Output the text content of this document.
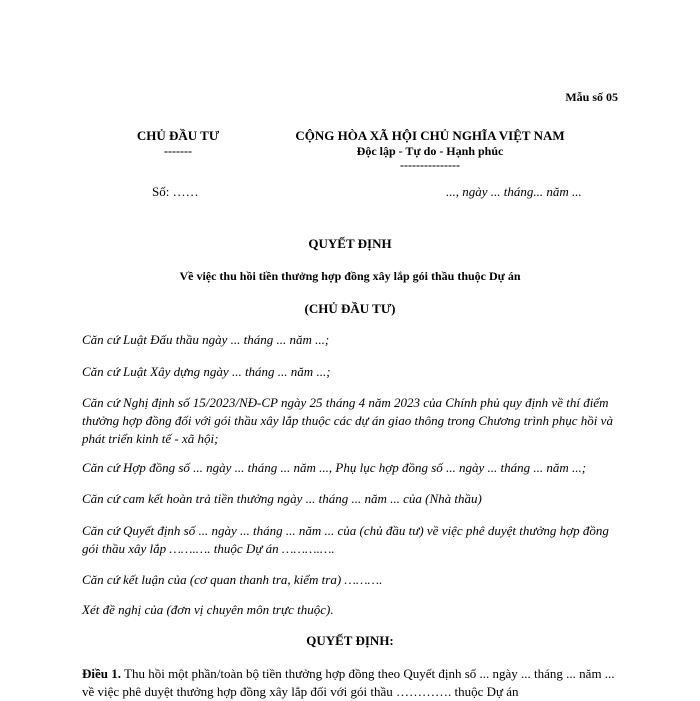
Mẫu số 05
CHỦ ĐẦU TƯ
-------
CỘNG HÒA XÃ HỘI CHỦ NGHĨA VIỆT NAM
Độc lập - Tự do - Hạnh phúc
---------------
Số: ……	..., ngày ... tháng... năm ...
QUYẾT ĐỊNH
Về việc thu hồi tiền thưởng hợp đồng xây lắp gói thầu thuộc Dự án
(CHỦ ĐẦU TƯ)
Căn cứ Luật Đấu thầu ngày ... tháng ... năm ...;
Căn cứ Luật Xây dựng ngày ... tháng ... năm ...;
Căn cứ Nghị định số 15/2023/NĐ-CP ngày 25 tháng 4 năm 2023 của Chính phủ quy định về thí điểm thưởng hợp đồng đối với gói thầu xây lắp thuộc các dự án giao thông trong Chương trình phục hồi và phát triển kinh tế - xã hội;
Căn cứ Hợp đồng số ... ngày ... tháng ... năm ..., Phụ lục hợp đồng số ... ngày ... tháng ... năm ...;
Căn cứ cam kết hoàn trả tiền thưởng ngày ... tháng ... năm ... của (Nhà thầu)
Căn cứ Quyết định số ... ngày ... tháng ... năm ... của (chủ đầu tư) về việc phê duyệt thưởng hợp đồng gói thầu xây lắp …….…. thuộc Dự án ……….….
Căn cứ kết luận của (cơ quan thanh tra, kiểm tra) ……….
Xét đề nghị của (đơn vị chuyên môn trực thuộc).
QUYẾT ĐỊNH:
Điều 1. Thu hồi một phần/toàn bộ tiền thưởng hợp đồng theo Quyết định số ... ngày ... tháng ... năm ... về việc phê duyệt thưởng hợp đồng xây lắp đối với gói thầu …………. thuộc Dự án
